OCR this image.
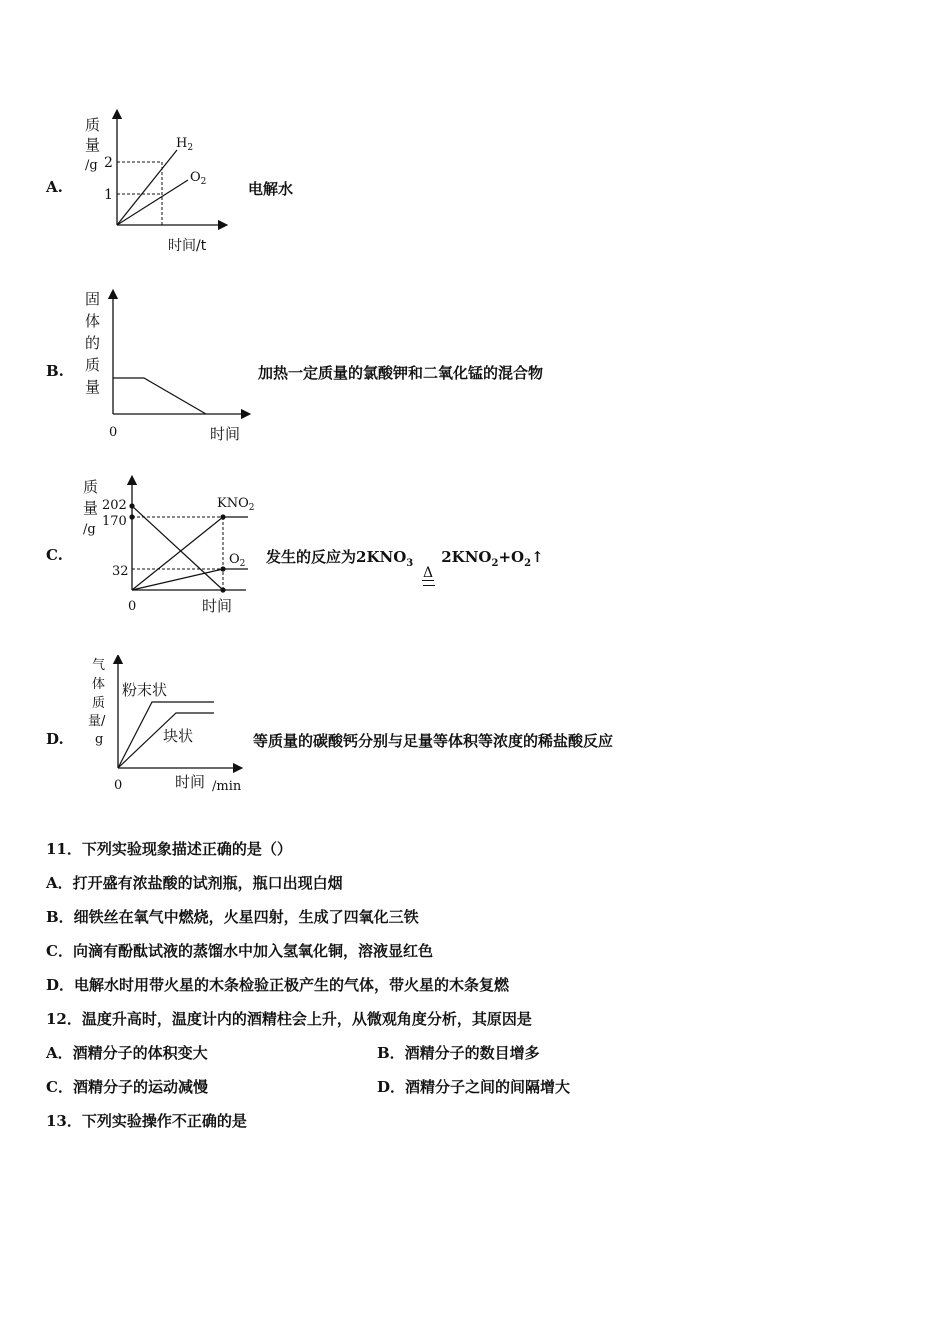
A.
质
量
/g 2
1
$H_2$
$O_2$
时间/t
电解水
B.
固
体
的
质
量
0	时间
加热一定质量的氯酸钾和二氧化锰的混合物
C.
质
量
/g
202
170
32
0
$KNO_2$
$O_2$
时间
发生的反应为$2KNO_3$ $2KNO_2+O_2↑$
Δ
D.
气
体
质
量/
g
粉末状
块状
0	时间 /min
等质量的碳酸钙分别与足量等体积等浓度的稀盐酸反应
11．下列实验现象描述正确的是（）
A．打开盛有浓盐酸的试剂瓶，瓶口出现白烟
B．细铁丝在氧气中燃烧，火星四射，生成了四氧化三铁
C．向滴有酚酞试液的蒸馏水中加入氢氧化铜，溶液显红色
D．电解水时用带火星的木条检验正极产生的气体，带火星的木条复燃
12．温度升高时，温度计内的酒精柱会上升，从微观角度分析，其原因是
A．酒精分子的体积变大	B．酒精分子的数目增多
C．酒精分子的运动减慢	D．酒精分子之间的间隔增大
13．下列实验操作不正确的是
